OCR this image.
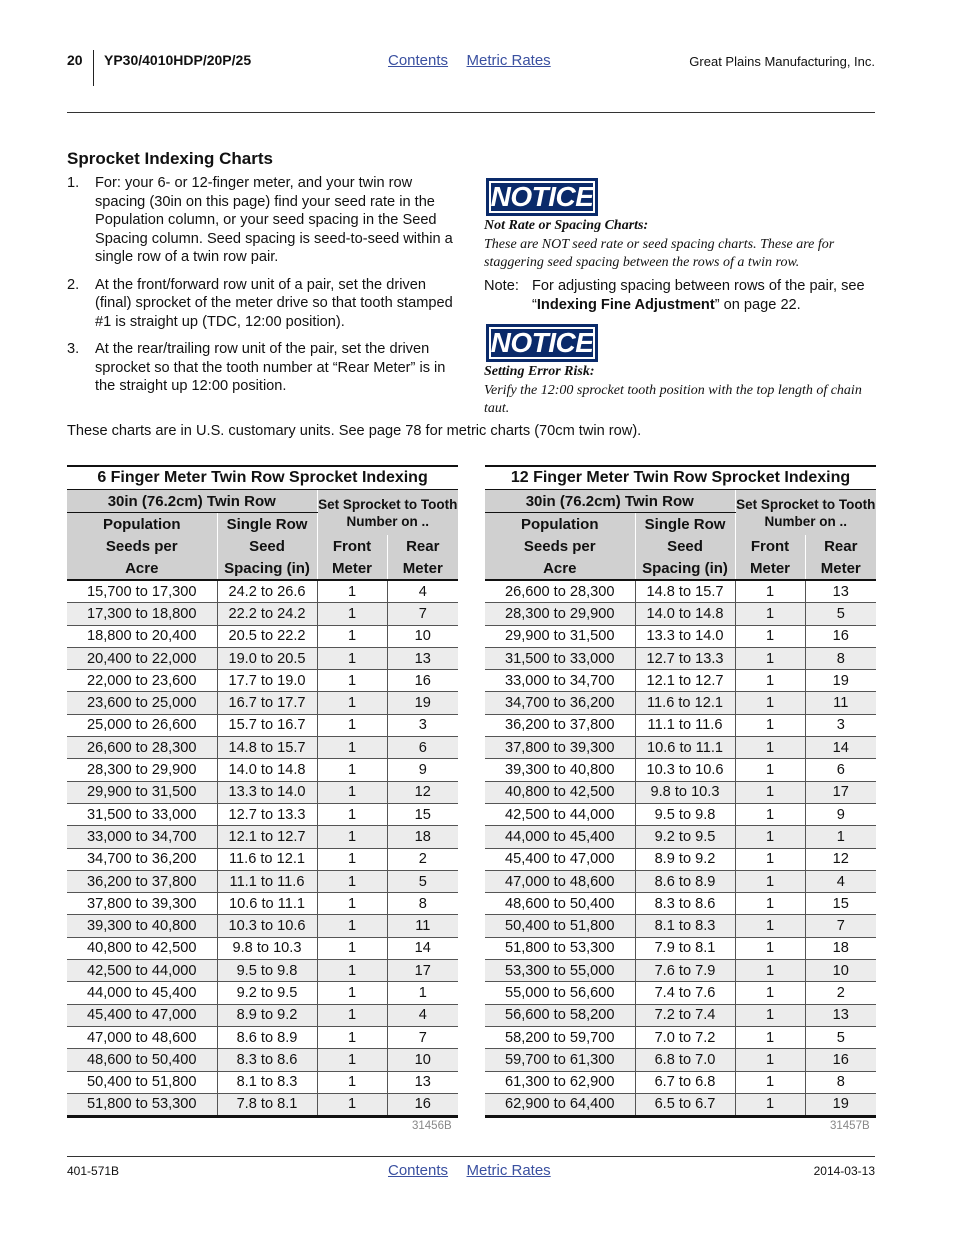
20 YP30/4010HDP/20P/25	Contents Metric Rates	Great Plains Manufacturing, Inc.
Sprocket Indexing Charts
1. For: your 6- or 12-finger meter, and your twin row spacing (30in on this page) find your seed rate in the Population column, or your seed spacing in the Seed Spacing column. Seed spacing is seed-to-seed within a single row of a twin row pair.
2. At the front/forward row unit of a pair, set the driven (final) sprocket of the meter drive so that tooth stamped #1 is straight up (TDC, 12:00 position).
3. At the rear/trailing row unit of the pair, set the driven sprocket so that the tooth number at “Rear Meter” is in the straight up 12:00 position.
NOTICE
Not Rate or Spacing Charts:
These are NOT seed rate or seed spacing charts. These are for staggering seed spacing between the rows of a twin row.
Note: For adjusting spacing between rows of the pair, see “Indexing Fine Adjustment” on page 22.
NOTICE
Setting Error Risk:
Verify the 12:00 sprocket tooth position with the top length of chain taut.
These charts are in U.S. customary units. See page 78 for metric charts (70cm twin row).
6 Finger Meter Twin Row Sprocket Indexing			
30in (76.2cm) Twin Row		Set Sprocket to Tooth Number on ..	
Population	Single Row		
Seeds per	Seed	Front	Rear
Acre	Spacing (in)	Meter	Meter
15,700 to 17,300	24.2 to 26.6	1	4
17,300 to 18,800	22.2 to 24.2	1	7
18,800 to 20,400	20.5 to 22.2	1	10
20,400 to 22,000	19.0 to 20.5	1	13
22,000 to 23,600	17.7 to 19.0	1	16
23,600 to 25,000	16.7 to 17.7	1	19
25,000 to 26,600	15.7 to 16.7	1	3
26,600 to 28,300	14.8 to 15.7	1	6
28,300 to 29,900	14.0 to 14.8	1	9
29,900 to 31,500	13.3 to 14.0	1	12
31,500 to 33,000	12.7 to 13.3	1	15
33,000 to 34,700	12.1 to 12.7	1	18
34,700 to 36,200	11.6 to 12.1	1	2
36,200 to 37,800	11.1 to 11.6	1	5
37,800 to 39,300	10.6 to 11.1	1	8
39,300 to 40,800	10.3 to 10.6	1	11
40,800 to 42,500	9.8 to 10.3	1	14
42,500 to 44,000	9.5 to 9.8	1	17
44,000 to 45,400	9.2 to 9.5	1	1
45,400 to 47,000	8.9 to 9.2	1	4
47,000 to 48,600	8.6 to 8.9	1	7
48,600 to 50,400	8.3 to 8.6	1	10
50,400 to 51,800	8.1 to 8.3	1	13
51,800 to 53,300	7.8 to 8.1	1	16
31456B
12 Finger Meter Twin Row Sprocket Indexing			
30in (76.2cm) Twin Row		Set Sprocket to Tooth Number on ..	
Population	Single Row		
Seeds per	Seed	Front	Rear
Acre	Spacing (in)	Meter	Meter
26,600 to 28,300	14.8 to 15.7	1	13
28,300 to 29,900	14.0 to 14.8	1	5
29,900 to 31,500	13.3 to 14.0	1	16
31,500 to 33,000	12.7 to 13.3	1	8
33,000 to 34,700	12.1 to 12.7	1	19
34,700 to 36,200	11.6 to 12.1	1	11
36,200 to 37,800	11.1 to 11.6	1	3
37,800 to 39,300	10.6 to 11.1	1	14
39,300 to 40,800	10.3 to 10.6	1	6
40,800 to 42,500	9.8 to 10.3	1	17
42,500 to 44,000	9.5 to 9.8	1	9
44,000 to 45,400	9.2 to 9.5	1	1
45,400 to 47,000	8.9 to 9.2	1	12
47,000 to 48,600	8.6 to 8.9	1	4
48,600 to 50,400	8.3 to 8.6	1	15
50,400 to 51,800	8.1 to 8.3	1	7
51,800 to 53,300	7.9 to 8.1	1	18
53,300 to 55,000	7.6 to 7.9	1	10
55,000 to 56,600	7.4 to 7.6	1	2
56,600 to 58,200	7.2 to 7.4	1	13
58,200 to 59,700	7.0 to 7.2	1	5
59,700 to 61,300	6.8 to 7.0	1	16
61,300 to 62,900	6.7 to 6.8	1	8
62,900 to 64,400	6.5 to 6.7	1	19
31457B
401-571B	Contents Metric Rates	2014-03-13
